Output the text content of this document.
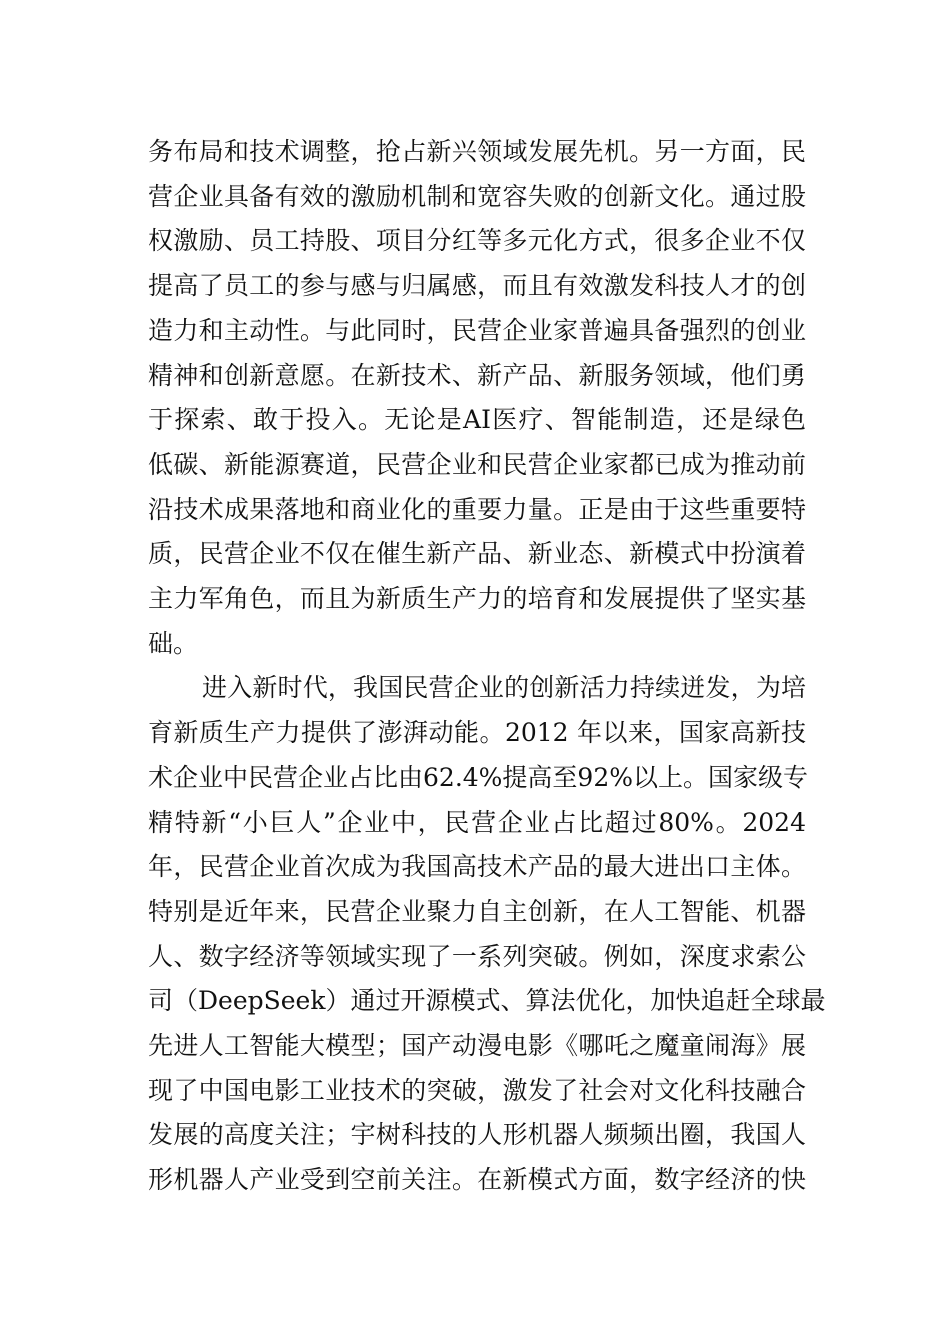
务布局和技术调整，抢占新兴领域发展先机。另一方面，民
营企业具备有效的激励机制和宽容失败的创新文化。通过股
权激励、员工持股、项目分红等多元化方式，很多企业不仅
提高了员工的参与感与归属感，而且有效激发科技人才的创
造力和主动性。与此同时，民营企业家普遍具备强烈的创业
精神和创新意愿。在新技术、新产品、新服务领域，他们勇
于探索、敢于投入。无论是AI医疗、智能制造，还是绿色
低碳、新能源赛道，民营企业和民营企业家都已成为推动前
沿技术成果落地和商业化的重要力量。正是由于这些重要特
质，民营企业不仅在催生新产品、新业态、新模式中扮演着
主力军角色，而且为新质生产力的培育和发展提供了坚实基
础。
进入新时代，我国民营企业的创新活力持续迸发，为培
育新质生产力提供了澎湃动能。2012 年以来，国家高新技
术企业中民营企业占比由62.4%提高至92%以上。国家级专
精特新“小巨人”企业中，民营企业占比超过80%。2024
年，民营企业首次成为我国高技术产品的最大进出口主体。
特别是近年来，民营企业聚力自主创新，在人工智能、机器
人、数字经济等领域实现了一系列突破。例如，深度求索公
司（DeepSeek）通过开源模式、算法优化，加快追赶全球最
先进人工智能大模型；国产动漫电影《哪吒之魔童闹海》展
现了中国电影工业技术的突破，激发了社会对文化科技融合
发展的高度关注；宇树科技的人形机器人频频出圈，我国人
形机器人产业受到空前关注。在新模式方面，数字经济的快
